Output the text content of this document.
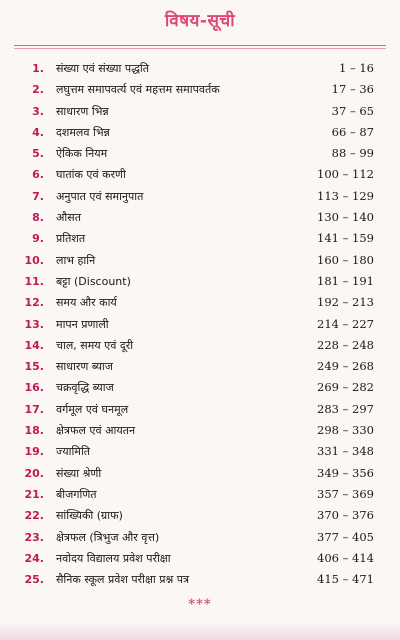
विषय-सूची
1. संख्या एवं संख्या पद्धति	1 – 16
2. लघुत्तम समापवर्त्य एवं महत्तम समापवर्तक	17 – 36
3. साधारण भिन्न	37 – 65
4. दशमलव भिन्न	66 – 87
5. ऐकिक नियम	88 – 99
6. घातांक एवं करणी	100 – 112
7. अनुपात एवं समानुपात	113 – 129
8. औसत	130 – 140
9. प्रतिशत	141 – 159
10. लाभ हानि	160 – 180
11. बट्टा (Discount)	181 – 191
12. समय और कार्य	192 – 213
13. मापन प्रणाली	214 – 227
14. चाल, समय एवं दूरी	228 – 248
15. साधारण ब्याज	249 – 268
16. चक्रवृद्धि ब्याज	269 – 282
17. वर्गमूल एवं घनमूल	283 – 297
18. क्षेत्रफल एवं आयतन	298 – 330
19. ज्यामिति	331 – 348
20. संख्या श्रेणी	349 – 356
21. बीजगणित	357 – 369
22. सांख्यिकी (ग्राफ)	370 – 376
23. क्षेत्रफल (त्रिभुज और वृत्त)	377 – 405
24. नवोदय विद्यालय प्रवेश परीक्षा	406 – 414
25. सैनिक स्कूल प्रवेश परीक्षा प्रश्न पत्र	415 – 471
***
